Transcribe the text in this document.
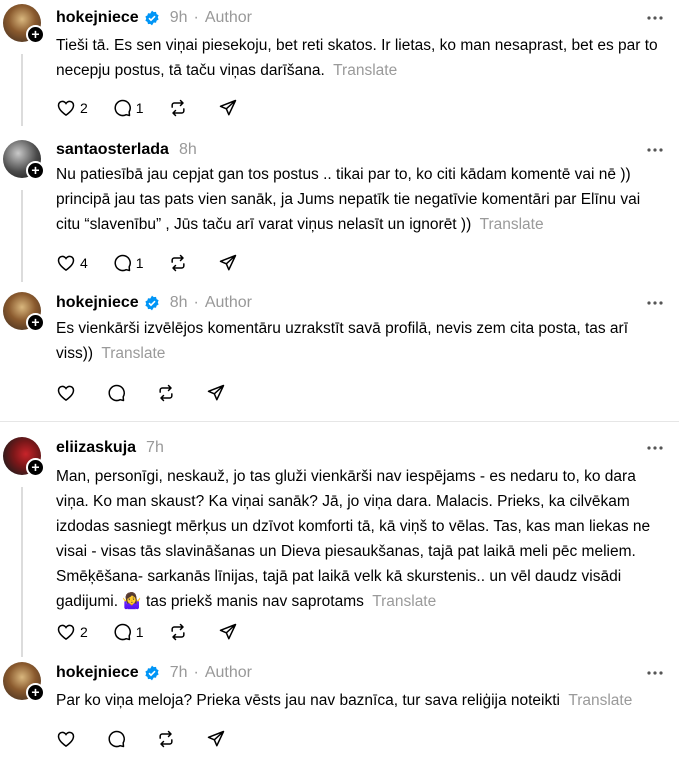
+
hokejniece 9h · Author
Tieši tā. Es sen viņai piesekoju, bet reti skatos. Ir lietas, ko man nesaprast, bet es par to necepju postus, tā taču viņas darīšana. Translate
2	1
+
santaosterlada 8h
Nu patiesībā jau cepjat gan tos postus .. tikai par to, ko citi kādam komentē vai nē )) principā jau tas pats vien sanāk, ja Jums nepatīk tie negatīvie komentāri par Elīnu vai citu “slavenību” , Jūs taču arī varat viņus nelasīt un ignorēt )) Translate
4	1
+
hokejniece 8h · Author
Es vienkārši izvēlējos komentāru uzrakstīt savā profilā, nevis zem cita posta, tas arī viss)) Translate
+
eliizaskuja 7h
Man, personīgi, neskauž, jo tas gluži vienkārši nav iespējams - es nedaru to, ko dara viņa. Ko man skaust? Ka viņai sanāk? Jā, jo viņa dara. Malacis. Prieks, ka cilvēkam izdodas sasniegt mērķus un dzīvot komforti tā, kā viņš to vēlas. Tas, kas man liekas ne visai - visas tās slavināšanas un Dieva piesaukšanas, tajā pat laikā meli pēc meliem. Smēķēšana- sarkanās līnijas, tajā pat laikā velk kā skurstenis.. un vēl daudz visādi gadijumi. 🤷‍♀️ tas priekš manis nav saprotams Translate
2	1
+
hokejniece 7h · Author
Par ko viņa meloja? Prieka vēsts jau nav baznīca, tur sava reliģija noteikti Translate
